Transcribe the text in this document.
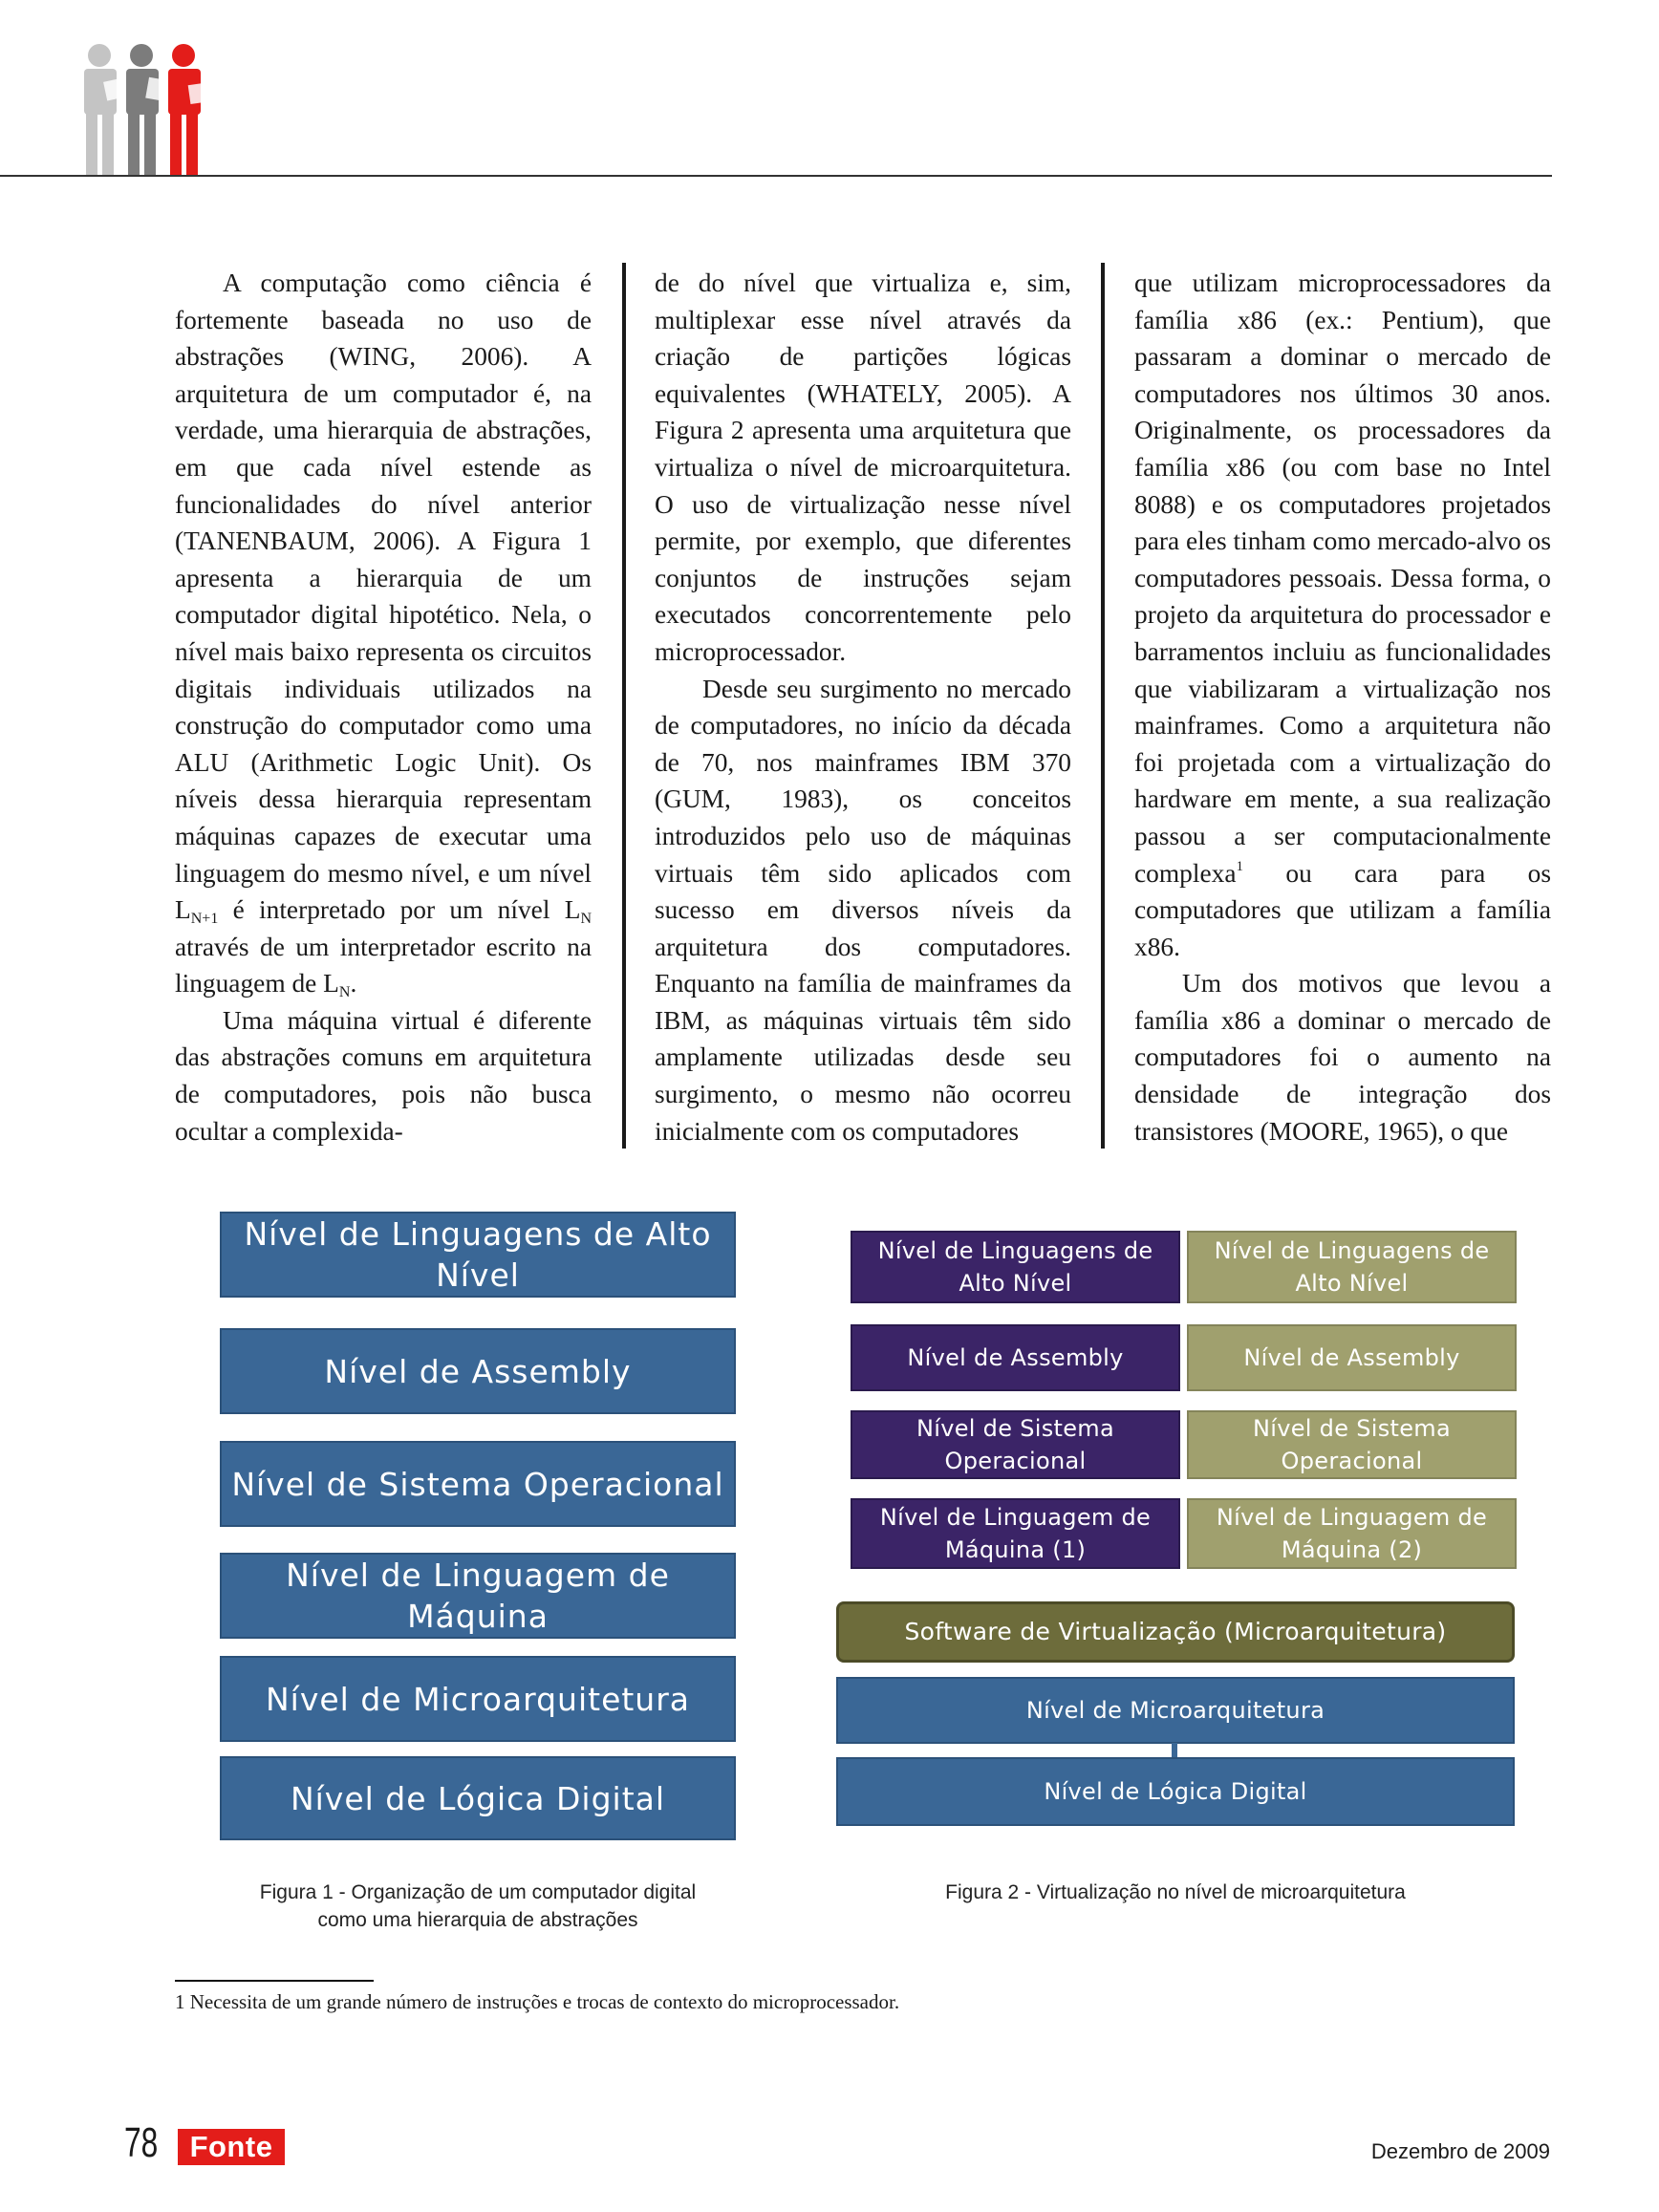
A computação como ciência é fortemente baseada no uso de abstrações (WING, 2006). A arquitetura de um computador é, na verdade, uma hierarquia de abstrações, em que cada nível estende as funcionalidades do nível anterior (TANENBAUM, 2006). A Figura 1 apresenta a hierarquia de um computador digital hipotético. Nela, o nível mais baixo representa os circuitos digitais individuais utilizados na construção do computador como uma ALU (Arithmetic Logic Unit). Os níveis dessa hierarquia representam máquinas capazes de executar uma linguagem do mesmo nível, e um nível $L_{N+1}$ é interpretado por um nível $L_N$ através de um interpretador escrito na linguagem de $L_N$.

Uma máquina virtual é diferente das abstrações comuns em arquitetura de computadores, pois não busca ocultar a complexida-

de do nível que virtualiza e, sim, multiplexar esse nível através da criação de partições lógicas equivalentes (WHATELY, 2005). A Figura 2 apresenta uma arquitetura que virtualiza o nível de microarquitetura. O uso de virtualização nesse nível permite, por exemplo, que diferentes conjuntos de instruções sejam executados concorrentemente pelo microprocessador.

Desde seu surgimento no mercado de computadores, no início da década de 70, nos mainframes IBM 370 (GUM, 1983), os conceitos introduzidos pelo uso de máquinas virtuais têm sido aplicados com sucesso em diversos níveis da arquitetura dos computadores. Enquanto na família de mainframes da IBM, as máquinas virtuais têm sido amplamente utilizadas desde seu surgimento, o mesmo não ocorreu inicialmente com os computadores

que utilizam microprocessadores da família x86 (ex.: Pentium), que passaram a dominar o mercado de computadores nos últimos 30 anos. Originalmente, os processadores da família x86 (ou com base no Intel 8088) e os computadores projetados para eles tinham como mercado-alvo os computadores pessoais. Dessa forma, o projeto da arquitetura do processador e barramentos incluiu as funcionalidades que viabilizaram a virtualização nos mainframes. Como a arquitetura não foi projetada com a virtualização do hardware em mente, a sua realização passou a ser computacionalmente complexa$^1$ ou cara para os computadores que utilizam a família x86.

Um dos motivos que levou a família x86 a dominar o mercado de computadores foi o aumento na densidade de integração dos transistores (MOORE, 1965), o que

Nível de Linguagens de Alto Nível
Nível de Assembly
Nível de Sistema Operacional
Nível de Linguagem de Máquina
Nível de Microarquitetura
Nível de Lógica Digital
Figura 1 - Organização de um computador digital
como uma hierarquia de abstrações
Nível de Linguagens de Alto Nível
Nível de Assembly
Nível de Sistema Operacional
Nível de Linguagem de Máquina (1)
Nível de Linguagens de Alto Nível
Nível de Assembly
Nível de Sistema Operacional
Nível de Linguagem de Máquina (2)
Software de Virtualização (Microarquitetura)
Nível de Microarquitetura
Nível de Lógica Digital
Figura 2 - Virtualização no nível de microarquitetura
1 Necessita de um grande número de instruções e trocas de contexto do microprocessador.
78	Fonte	Dezembro de 2009
